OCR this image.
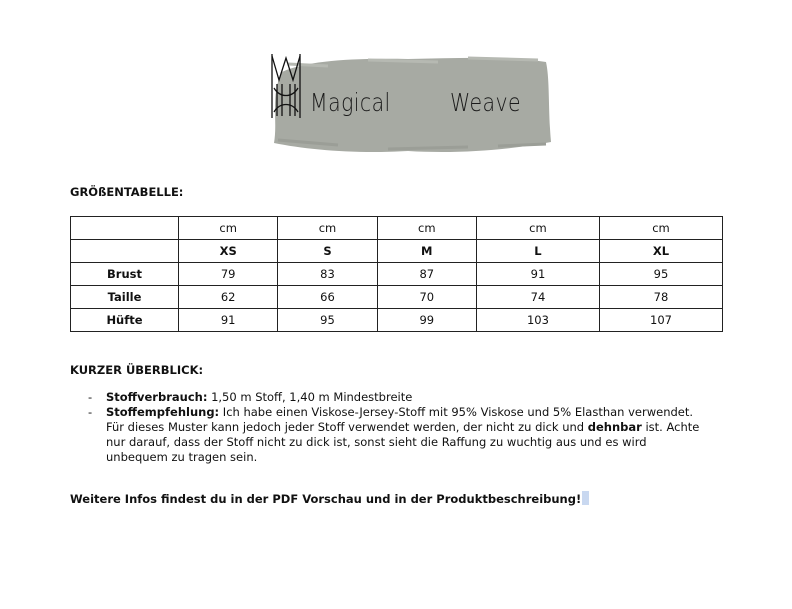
Magical Weave
GRÖßENTABELLE:
	cm	cm	cm	cm	cm
	XS	S	M	L	XL
Brust	79	83	87	91	95
Taille	62	66	70	74	78
Hüfte	91	95	99	103	107
KURZER ÜBERBLICK:
- Stoffverbrauch: 1,50 m Stoff, 1,40 m Mindestbreite
- Stoffempfehlung: Ich habe einen Viskose-Jersey-Stoff mit 95% Viskose und 5% Elasthan verwendet. Für dieses Muster kann jedoch jeder Stoff verwendet werden, der nicht zu dick und dehnbar ist. Achte nur darauf, dass der Stoff nicht zu dick ist, sonst sieht die Raffung zu wuchtig aus und es wird unbequem zu tragen sein.
Weitere Infos findest du in der PDF Vorschau und in der Produktbeschreibung!
